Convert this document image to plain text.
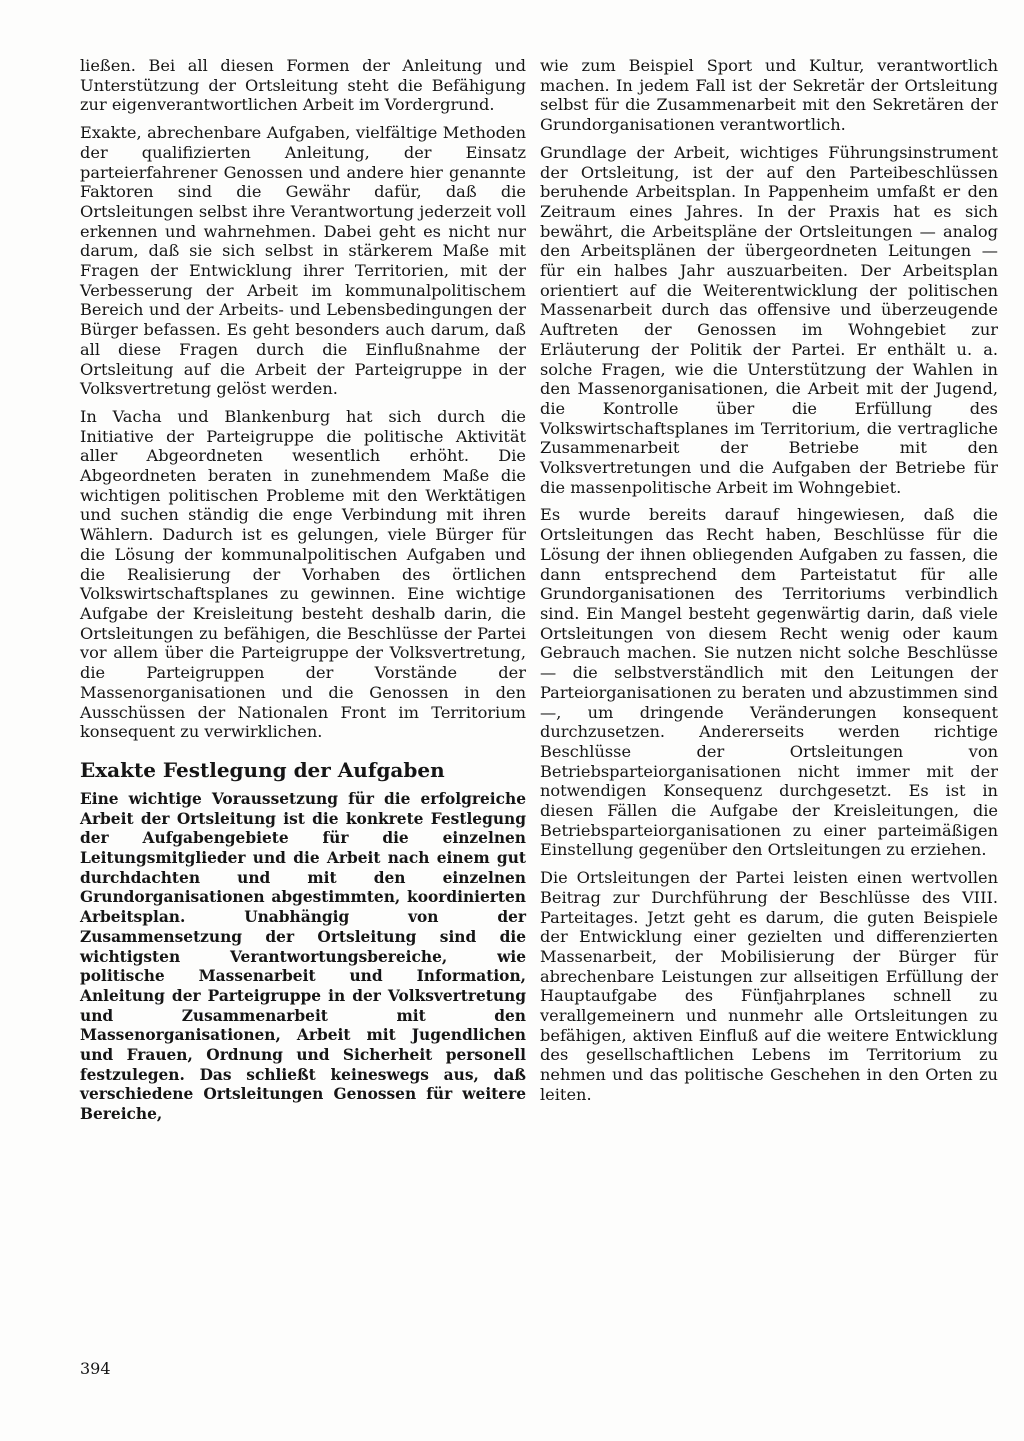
ließen. Bei all diesen Formen der Anleitung und Unterstützung der Ortsleitung steht die Befähigung zur eigenverantwortlichen Arbeit im Vordergrund.

Exakte, abrechenbare Aufgaben, vielfältige Methoden der qualifizierten Anleitung, der Einsatz parteierfahrener Genossen und andere hier genannte Faktoren sind die Gewähr dafür, daß die Ortsleitungen selbst ihre Verantwortung jederzeit voll erkennen und wahrnehmen. Dabei geht es nicht nur darum, daß sie sich selbst in stärkerem Maße mit Fragen der Entwicklung ihrer Territorien, mit der Verbesserung der Arbeit im kommunalpolitischem Bereich und der Arbeits- und Lebensbedingungen der Bürger befassen. Es geht besonders auch darum, daß all diese Fragen durch die Einflußnahme der Ortsleitung auf die Arbeit der Parteigruppe in der Volksvertretung gelöst werden.

In Vacha und Blankenburg hat sich durch die Initiative der Parteigruppe die politische Aktivität aller Abgeordneten wesentlich erhöht. Die Abgeordneten beraten in zunehmendem Maße die wichtigen politischen Probleme mit den Werktätigen und suchen ständig die enge Verbindung mit ihren Wählern. Dadurch ist es gelungen, viele Bürger für die Lösung der kommunalpolitischen Aufgaben und die Realisierung der Vorhaben des örtlichen Volkswirtschaftsplanes zu gewinnen. Eine wichtige Aufgabe der Kreisleitung besteht deshalb darin, die Ortsleitungen zu befähigen, die Beschlüsse der Partei vor allem über die Parteigruppe der Volksvertretung, die Parteigruppen der Vorstände der Massenorganisationen und die Genossen in den Ausschüssen der Nationalen Front im Territorium konsequent zu verwirklichen.

Exakte Festlegung der Aufgaben

Eine wichtige Voraussetzung für die erfolgreiche Arbeit der Ortsleitung ist die konkrete Festlegung der Aufgabengebiete für die einzelnen Leitungsmitglieder und die Arbeit nach einem gut durchdachten und mit den einzelnen Grundorganisationen abgestimmten, koordinierten Arbeitsplan. Unabhängig von der Zusammensetzung der Ortsleitung sind die wichtigsten Verantwortungsbereiche, wie politische Massenarbeit und Information, Anleitung der Parteigruppe in der Volksvertretung und Zusammenarbeit mit den Massenorganisationen, Arbeit mit Jugendlichen und Frauen, Ordnung und Sicherheit personell festzulegen. Das schließt keineswegs aus, daß verschiedene Ortsleitungen Genossen für weitere Bereiche,

wie zum Beispiel Sport und Kultur, verantwortlich machen. In jedem Fall ist der Sekretär der Ortsleitung selbst für die Zusammenarbeit mit den Sekretären der Grundorganisationen verantwortlich.

Grundlage der Arbeit, wichtiges Führungsinstrument der Ortsleitung, ist der auf den Parteibeschlüssen beruhende Arbeitsplan. In Pappenheim umfaßt er den Zeitraum eines Jahres. In der Praxis hat es sich bewährt, die Arbeitspläne der Ortsleitungen — analog den Arbeitsplänen der übergeordneten Leitungen — für ein halbes Jahr auszuarbeiten. Der Arbeitsplan orientiert auf die Weiterentwicklung der politischen Massenarbeit durch das offensive und überzeugende Auftreten der Genossen im Wohngebiet zur Erläuterung der Politik der Partei. Er enthält u. a. solche Fragen, wie die Unterstützung der Wahlen in den Massenorganisationen, die Arbeit mit der Jugend, die Kontrolle über die Erfüllung des Volkswirtschaftsplanes im Territorium, die vertragliche Zusammenarbeit der Betriebe mit den Volksvertretungen und die Aufgaben der Betriebe für die massenpolitische Arbeit im Wohngebiet.

Es wurde bereits darauf hingewiesen, daß die Ortsleitungen das Recht haben, Beschlüsse für die Lösung der ihnen obliegenden Aufgaben zu fassen, die dann entsprechend dem Parteistatut für alle Grundorganisationen des Territoriums verbindlich sind. Ein Mangel besteht gegenwärtig darin, daß viele Ortsleitungen von diesem Recht wenig oder kaum Gebrauch machen. Sie nutzen nicht solche Beschlüsse — die selbstverständlich mit den Leitungen der Parteiorganisationen zu beraten und abzustimmen sind —, um dringende Veränderungen konsequent durchzusetzen. Andererseits werden richtige Beschlüsse der Ortsleitungen von Betriebsparteiorganisationen nicht immer mit der notwendigen Konsequenz durchgesetzt. Es ist in diesen Fällen die Aufgabe der Kreisleitungen, die Betriebsparteiorganisationen zu einer parteimäßigen Einstellung gegenüber den Ortsleitungen zu erziehen.

Die Ortsleitungen der Partei leisten einen wertvollen Beitrag zur Durchführung der Beschlüsse des VIII. Parteitages. Jetzt geht es darum, die guten Beispiele der Entwicklung einer gezielten und differenzierten Massenarbeit, der Mobilisierung der Bürger für abrechenbare Leistungen zur allseitigen Erfüllung der Hauptaufgabe des Fünfjahrplanes schnell zu verallgemeinern und nunmehr alle Ortsleitungen zu befähigen, aktiven Einfluß auf die weitere Entwicklung des gesellschaftlichen Lebens im Territorium zu nehmen und das politische Geschehen in den Orten zu leiten.

394
